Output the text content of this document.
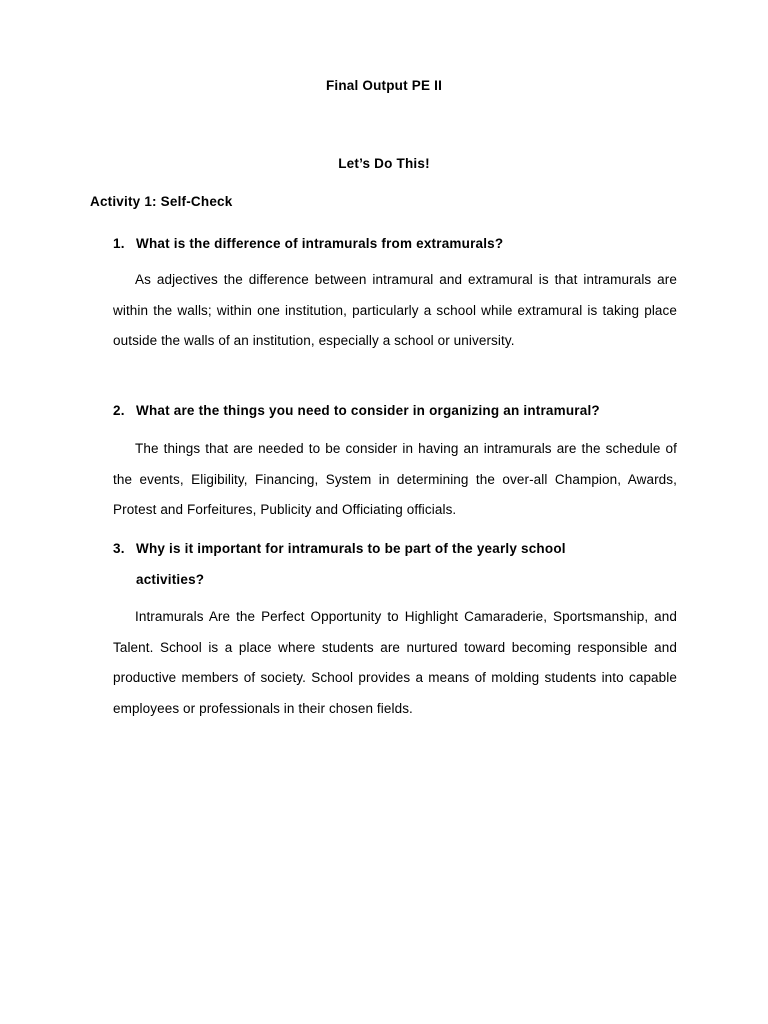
Final Output PE II
Let’s Do This!
Activity 1: Self-Check
1. What is the difference of intramurals from extramurals?
As adjectives the difference between intramural and extramural is that intramurals are within the walls; within one institution, particularly a school while extramural is taking place outside the walls of an institution, especially a school or university.
2. What are the things you need to consider in organizing an intramural?
The things that are needed to be consider in having an intramurals are the schedule of the events, Eligibility, Financing, System in determining the over-all Champion, Awards, Protest and Forfeitures, Publicity and Officiating officials.
3. Why is it important for intramurals to be part of the yearly school
activities?
Intramurals Are the Perfect Opportunity to Highlight Camaraderie, Sportsmanship, and Talent. School is a place where students are nurtured toward becoming responsible and productive members of society. School provides a means of molding students into capable employees or professionals in their chosen fields.
